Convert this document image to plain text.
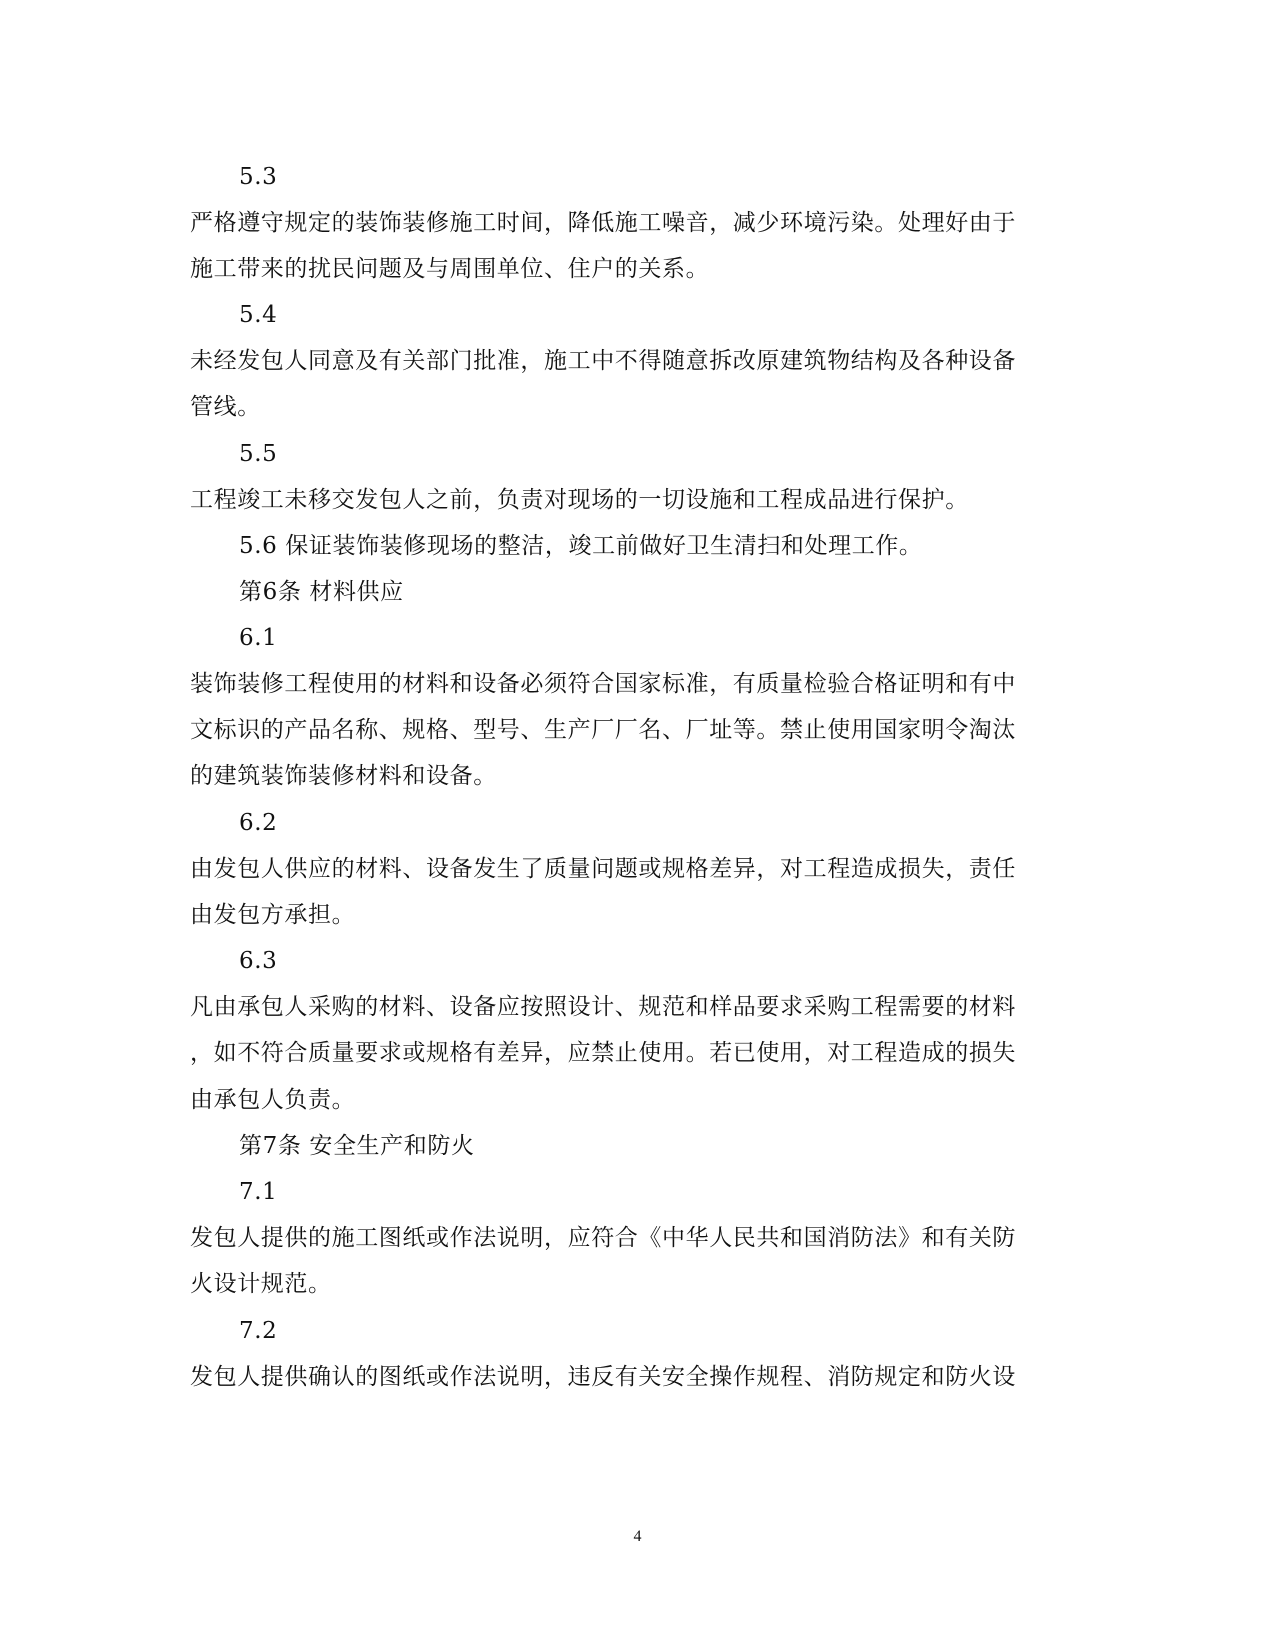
5.3
严格遵守规定的装饰装修施工时间，降低施工噪音，减少环境污染。处理好由于
施工带来的扰民问题及与周围单位、住户的关系。
5.4
未经发包人同意及有关部门批准，施工中不得随意拆改原建筑物结构及各种设备
管线。
5.5
工程竣工未移交发包人之前，负责对现场的一切设施和工程成品进行保护。
5.6 保证装饰装修现场的整洁，竣工前做好卫生清扫和处理工作。
第6条 材料供应
6.1
装饰装修工程使用的材料和设备必须符合国家标准，有质量检验合格证明和有中
文标识的产品名称、规格、型号、生产厂厂名、厂址等。禁止使用国家明令淘汰
的建筑装饰装修材料和设备。
6.2
由发包人供应的材料、设备发生了质量问题或规格差异，对工程造成损失，责任
由发包方承担。
6.3
凡由承包人采购的材料、设备应按照设计、规范和样品要求采购工程需要的材料
，如不符合质量要求或规格有差异，应禁止使用。若已使用，对工程造成的损失
由承包人负责。
第7条 安全生产和防火
7.1
发包人提供的施工图纸或作法说明，应符合《中华人民共和国消防法》和有关防
火设计规范。
7.2
发包人提供确认的图纸或作法说明，违反有关安全操作规程、消防规定和防火设
4
